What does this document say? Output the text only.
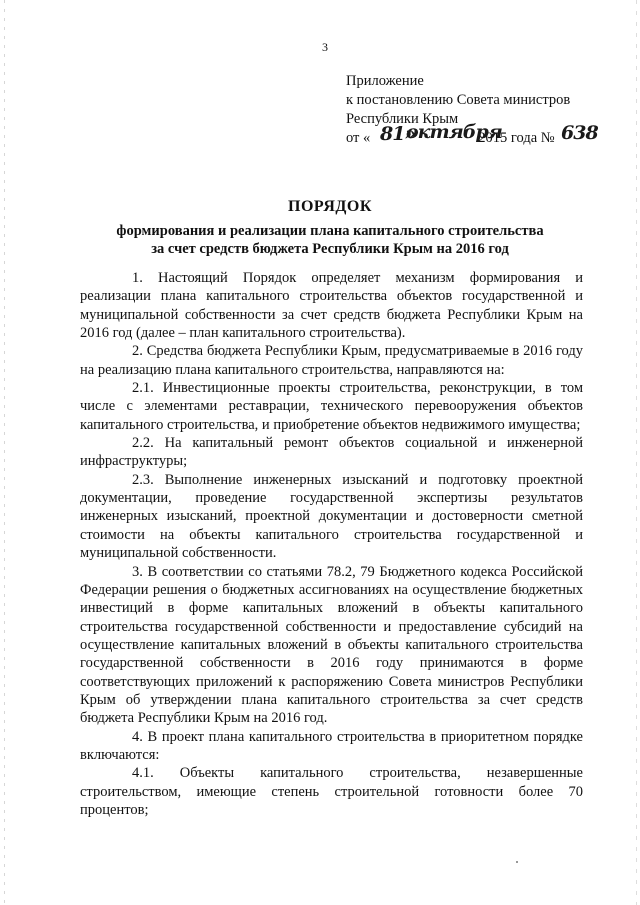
3
Приложение
к постановлению Совета министров
Республики Крым
от «	2015 года №
81»
октября	638
ПОРЯДОК
формирования и реализации плана капитального строительства
за счет средств бюджета Республики Крым на 2016 год

1. Настоящий Порядок определяет механизм формирования и реализации плана капитального строительства объектов государственной и муниципальной собственности за счет средств бюджета Республики Крым на 2016 год (далее – план капитального строительства).

2. Средства бюджета Республики Крым, предусматриваемые в 2016 году на реализацию плана капитального строительства, направляются на:

2.1. Инвестиционные проекты строительства, реконструкции, в том числе с элементами реставрации, технического перевооружения объектов капитального строительства, и приобретение объектов недвижимого имущества;

2.2. На капитальный ремонт объектов социальной и инженерной инфраструктуры;

2.3. Выполнение инженерных изысканий и подготовку проектной документации, проведение государственной экспертизы результатов инженерных изысканий, проектной документации и достоверности сметной стоимости на объекты капитального строительства государственной и муниципальной собственности.

3. В соответствии со статьями 78.2, 79 Бюджетного кодекса Российской Федерации решения о бюджетных ассигнованиях на осуществление бюджетных инвестиций в форме капитальных вложений в объекты капитального строительства государственной собственности и предоставление субсидий на осуществление капитальных вложений в объекты капитального строительства государственной собственности в 2016 году принимаются в форме соответствующих приложений к распоряжению Совета министров Республики Крым об утверждении плана капитального строительства за счет средств бюджета Республики Крым на 2016 год.

4. В проект плана капитального строительства в приоритетном порядке включаются:

4.1. Объекты капитального строительства, незавершенные строительством, имеющие степень строительной готовности более 70 процентов;
